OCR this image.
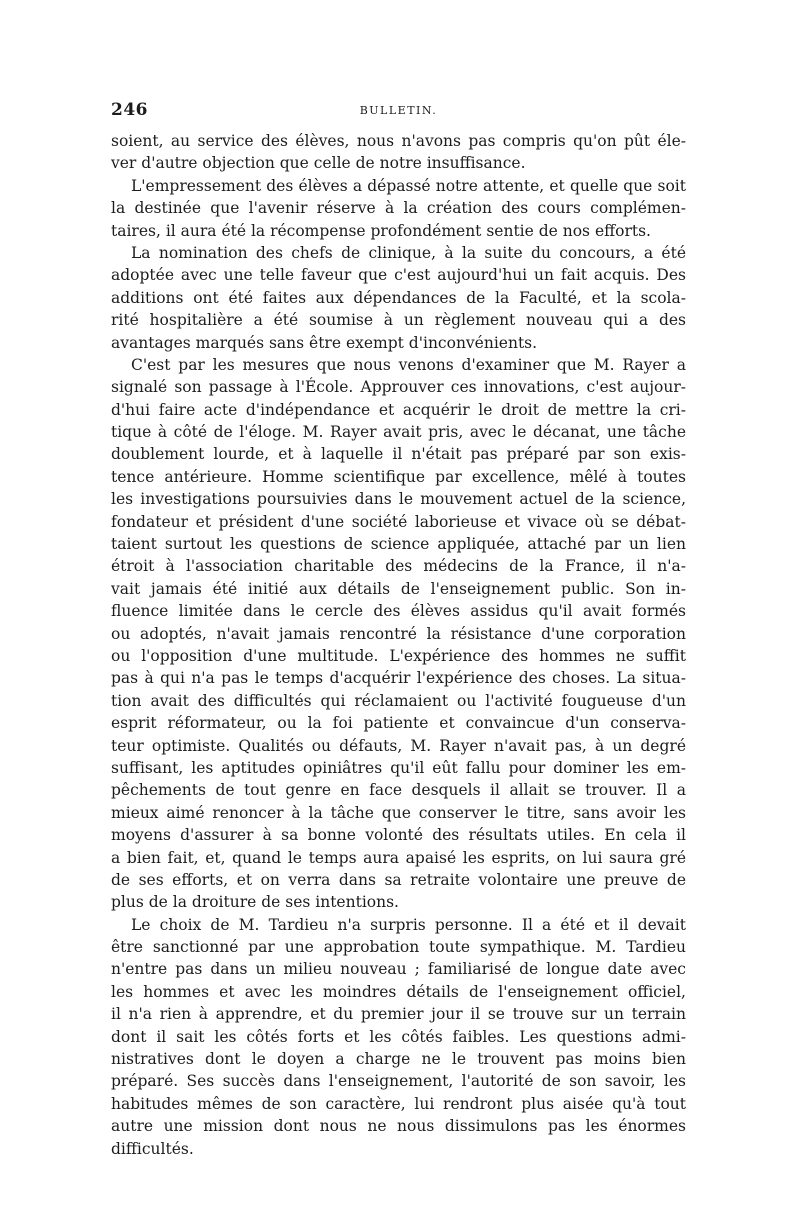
246	BULLETIN.
soient, au service des élèves, nous n'avons pas compris qu'on pût éle-
ver d'autre objection que celle de notre insuffisance.
L'empressement des élèves a dépassé notre attente, et quelle que soit
la destinée que l'avenir réserve à la création des cours complémen-
taires, il aura été la récompense profondément sentie de nos efforts.
La nomination des chefs de clinique, à la suite du concours, a été
adoptée avec une telle faveur que c'est aujourd'hui un fait acquis. Des
additions ont été faites aux dépendances de la Faculté, et la scola-
rité hospitalière a été soumise à un règlement nouveau qui a des
avantages marqués sans être exempt d'inconvénients.
C'est par les mesures que nous venons d'examiner que M. Rayer a
signalé son passage à l'École. Approuver ces innovations, c'est aujour-
d'hui faire acte d'indépendance et acquérir le droit de mettre la cri-
tique à côté de l'éloge. M. Rayer avait pris, avec le décanat, une tâche
doublement lourde, et à laquelle il n'était pas préparé par son exis-
tence antérieure. Homme scientifique par excellence, mêlé à toutes
les investigations poursuivies dans le mouvement actuel de la science,
fondateur et président d'une société laborieuse et vivace où se débat-
taient surtout les questions de science appliquée, attaché par un lien
étroit à l'association charitable des médecins de la France, il n'a-
vait jamais été initié aux détails de l'enseignement public. Son in-
fluence limitée dans le cercle des élèves assidus qu'il avait formés
ou adoptés, n'avait jamais rencontré la résistance d'une corporation
ou l'opposition d'une multitude. L'expérience des hommes ne suffit
pas à qui n'a pas le temps d'acquérir l'expérience des choses. La situa-
tion avait des difficultés qui réclamaient ou l'activité fougueuse d'un
esprit réformateur, ou la foi patiente et convaincue d'un conserva-
teur optimiste. Qualités ou défauts, M. Rayer n'avait pas, à un degré
suffisant, les aptitudes opiniâtres qu'il eût fallu pour dominer les em-
pêchements de tout genre en face desquels il allait se trouver. Il a
mieux aimé renoncer à la tâche que conserver le titre, sans avoir les
moyens d'assurer à sa bonne volonté des résultats utiles. En cela il
a bien fait, et, quand le temps aura apaisé les esprits, on lui saura gré
de ses efforts, et on verra dans sa retraite volontaire une preuve de
plus de la droiture de ses intentions.
Le choix de M. Tardieu n'a surpris personne. Il a été et il devait
être sanctionné par une approbation toute sympathique. M. Tardieu
n'entre pas dans un milieu nouveau ; familiarisé de longue date avec
les hommes et avec les moindres détails de l'enseignement officiel,
il n'a rien à apprendre, et du premier jour il se trouve sur un terrain
dont il sait les côtés forts et les côtés faibles. Les questions admi-
nistratives dont le doyen a charge ne le trouvent pas moins bien
préparé. Ses succès dans l'enseignement, l'autorité de son savoir, les
habitudes mêmes de son caractère, lui rendront plus aisée qu'à tout
autre une mission dont nous ne nous dissimulons pas les énormes
difficultés.
